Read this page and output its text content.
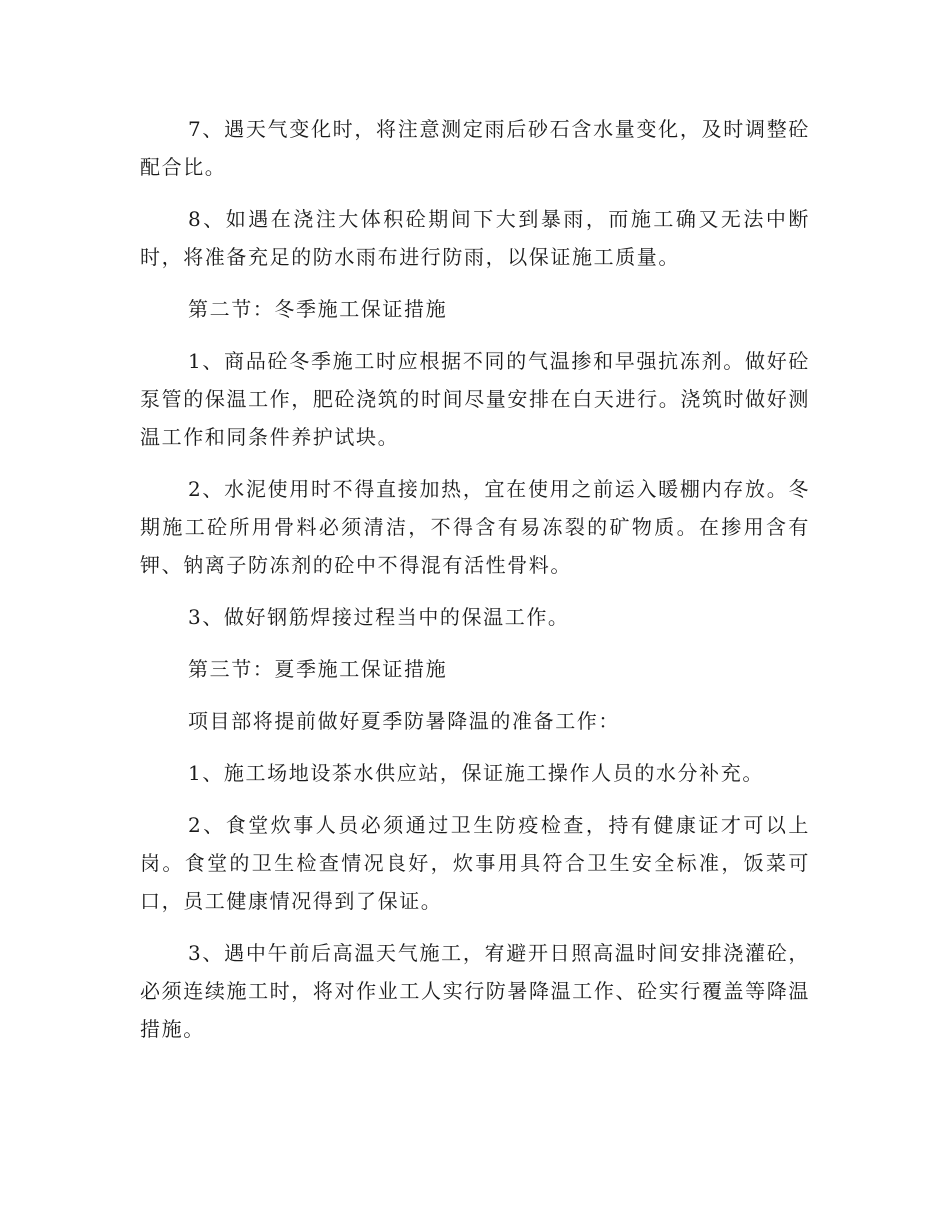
7、遇天气变化时，将注意测定雨后砂石含水量变化，及时调整砼配合比。

8、如遇在浇注大体积砼期间下大到暴雨，而施工确又无法中断时，将准备充足的防水雨布进行防雨，以保证施工质量。

第二节：冬季施工保证措施

1、商品砼冬季施工时应根据不同的气温掺和早强抗冻剂。做好砼泵管的保温工作，肥砼浇筑的时间尽量安排在白天进行。浇筑时做好测温工作和同条件养护试块。

2、水泥使用时不得直接加热，宜在使用之前运入暖棚内存放。冬期施工砼所用骨料必须清洁，不得含有易冻裂的矿物质。在掺用含有钾、钠离子防冻剂的砼中不得混有活性骨料。

3、做好钢筋焊接过程当中的保温工作。

第三节：夏季施工保证措施

项目部将提前做好夏季防暑降温的准备工作：

1、施工场地设茶水供应站，保证施工操作人员的水分补充。

2、食堂炊事人员必须通过卫生防疫检查，持有健康证才可以上岗。食堂的卫生检查情况良好，炊事用具符合卫生安全标准，饭菜可口，员工健康情况得到了保证。

3、遇中午前后高温天气施工，宥避开日照高温时间安排浇灌砼，必须连续施工时，将对作业工人实行防暑降温工作、砼实行覆盖等降温措施。
